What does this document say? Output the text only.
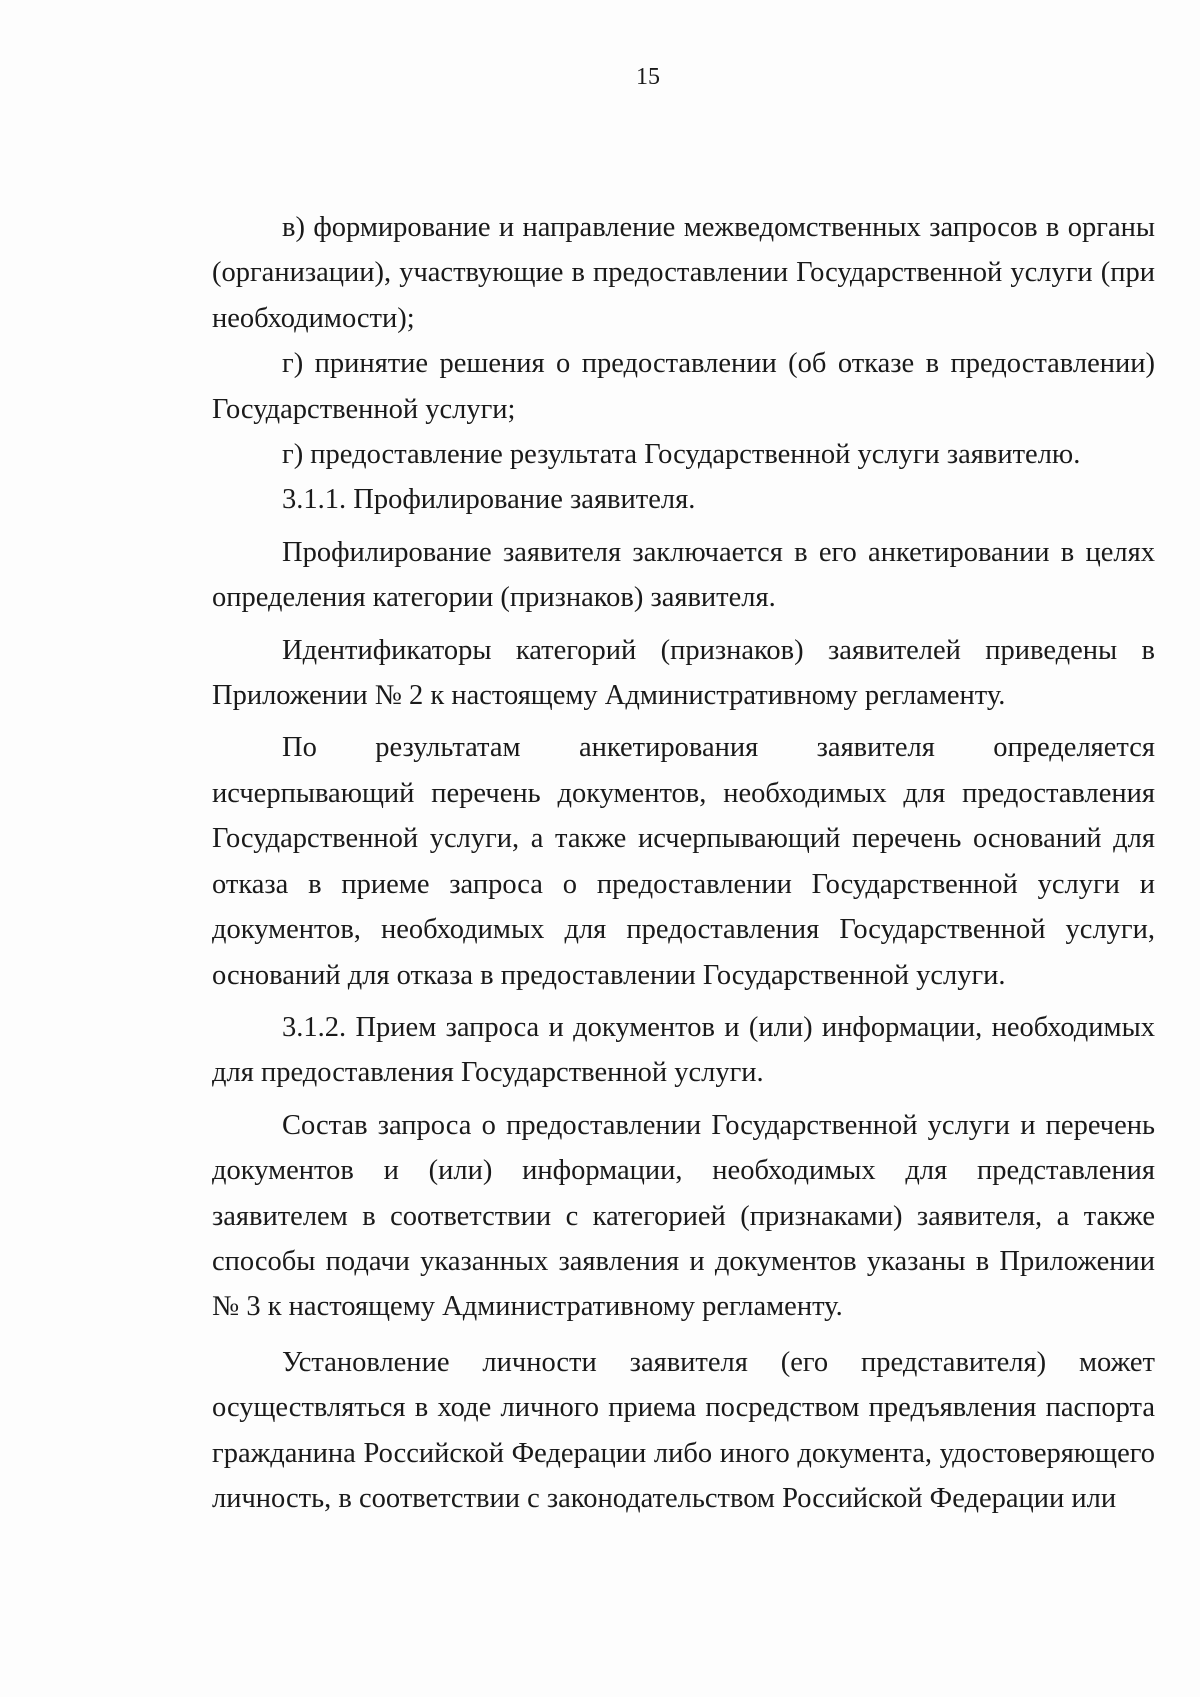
15

в) формирование и направление межведомственных запросов в органы (организации), участвующие в предоставлении Государственной услуги (при необходимости);

г) принятие решения о предоставлении (об отказе в предоставлении) Государственной услуги;

г) предоставление результата Государственной услуги заявителю.

3.1.1. Профилирование заявителя.

Профилирование заявителя заключается в его анкетировании в целях определения категории (признаков) заявителя.

Идентификаторы категорий (признаков) заявителей приведены в Приложении № 2 к настоящему Административному регламенту.

По результатам анкетирования заявителя определяется исчерпывающий перечень документов, необходимых для предоставления Государственной услуги, а также исчерпывающий перечень оснований для отказа в приеме запроса о предоставлении Государственной услуги и документов, необходимых для предоставления Государственной услуги, оснований для отказа в предоставлении Государственной услуги.

3.1.2. Прием запроса и документов и (или) информации, необходимых для предоставления Государственной услуги.

Состав запроса о предоставлении Государственной услуги и перечень документов и (или) информации, необходимых для представления заявителем в соответствии с категорией (признаками) заявителя, а также способы подачи указанных заявления и документов указаны в Приложении № 3 к настоящему Административному регламенту.

Установление личности заявителя (его представителя) может осуществляться в ходе личного приема посредством предъявления паспорта гражданина Российской Федерации либо иного документа, удостоверяющего личность, в соответствии с законодательством Российской Федерации или
